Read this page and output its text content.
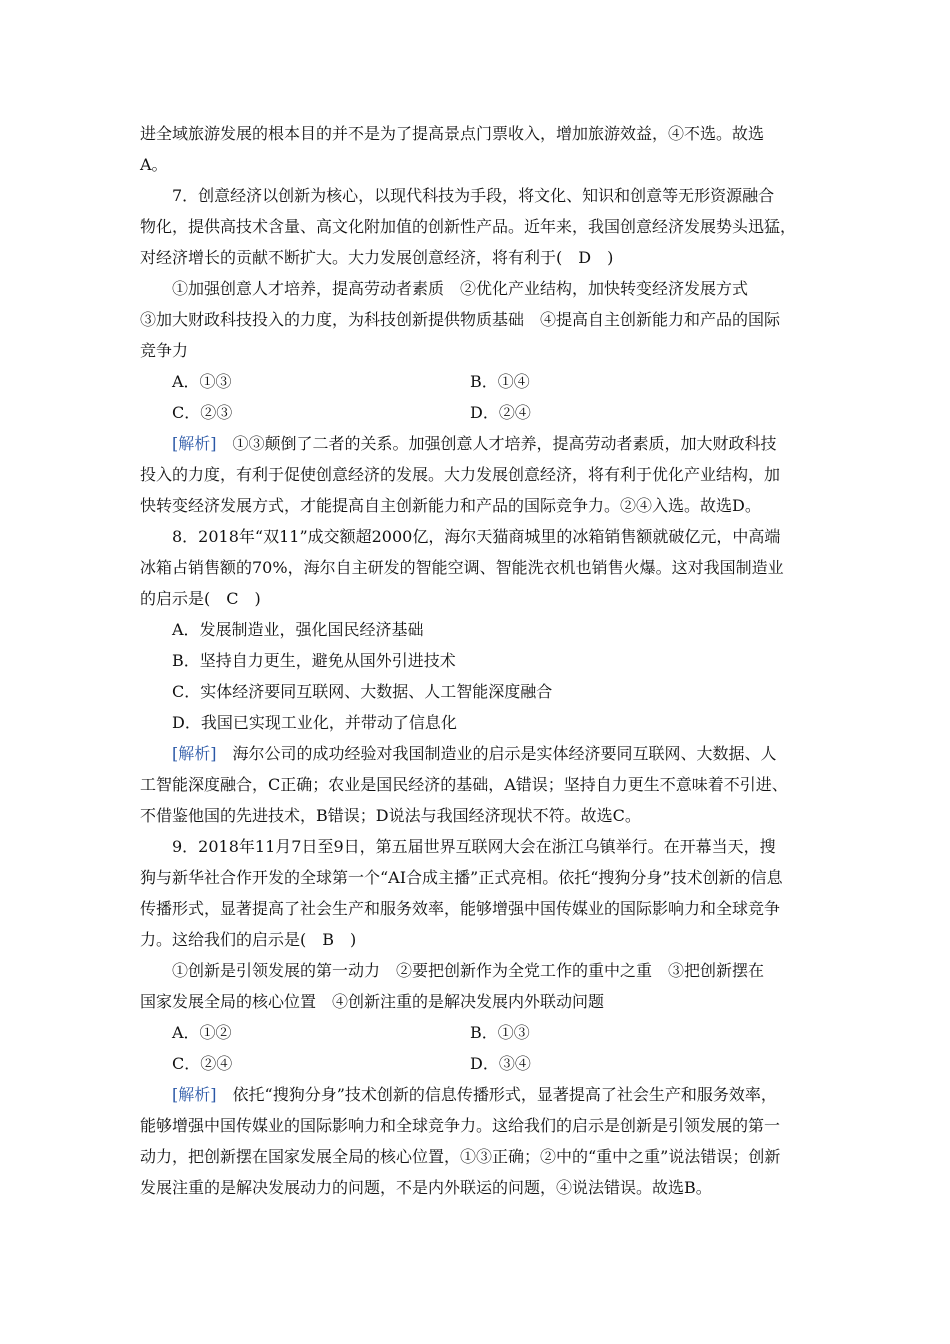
进全域旅游发展的根本目的并不是为了提高景点门票收入，增加旅游效益，④不选。故选
A。
7．创意经济以创新为核心，以现代科技为手段，将文化、知识和创意等无形资源融合
物化，提供高技术含量、高文化附加值的创新性产品。近年来，我国创意经济发展势头迅猛，
对经济增长的贡献不断扩大。大力发展创意经济，将有利于(　D　)
①加强创意人才培养，提高劳动者素质　②优化产业结构，加快转变经济发展方式
③加大财政科技投入的力度，为科技创新提供物质基础　④提高自主创新能力和产品的国际
竞争力
A．①③	B．①④
C．②③	D．②④
[解析]　 ①③颠倒了二者的关系。加强创意人才培养，提高劳动者素质，加大财政科技
投入的力度，有利于促使创意经济的发展。大力发展创意经济，将有利于优化产业结构，加
快转变经济发展方式，才能提高自主创新能力和产品的国际竞争力。②④入选。故选D。
8．2018年“双11”成交额超2000亿，海尔天猫商城里的冰箱销售额就破亿元，中高端
冰箱占销售额的70%，海尔自主研发的智能空调、智能洗衣机也销售火爆。这对我国制造业
的启示是(　C　)
A．发展制造业，强化国民经济基础
B．坚持自力更生，避免从国外引进技术
C．实体经济要同互联网、大数据、人工智能深度融合
D．我国已实现工业化，并带动了信息化
[解析]　 海尔公司的成功经验对我国制造业的启示是实体经济要同互联网、大数据、人
工智能深度融合，C正确；农业是国民经济的基础，A错误；坚持自力更生不意味着不引进、
不借鉴他国的先进技术，B错误；D说法与我国经济现状不符。故选C。
9．2018年11月7日至9日，第五届世界互联网大会在浙江乌镇举行。在开幕当天，搜
狗与新华社合作开发的全球第一个“AI合成主播”正式亮相。依托“搜狗分身”技术创新的信息
传播形式，显著提高了社会生产和服务效率，能够增强中国传媒业的国际影响力和全球竞争
力。这给我们的启示是(　B　)
①创新是引领发展的第一动力　②要把创新作为全党工作的重中之重　③把创新摆在
国家发展全局的核心位置　④创新注重的是解决发展内外联动问题
A．①②	B．①③
C．②④	D．③④
[解析]　 依托“搜狗分身”技术创新的信息传播形式，显著提高了社会生产和服务效率，
能够增强中国传媒业的国际影响力和全球竞争力。这给我们的启示是创新是引领发展的第一
动力，把创新摆在国家发展全局的核心位置，①③正确；②中的“重中之重”说法错误；创新
发展注重的是解决发展动力的问题，不是内外联运的问题，④说法错误。故选B。
